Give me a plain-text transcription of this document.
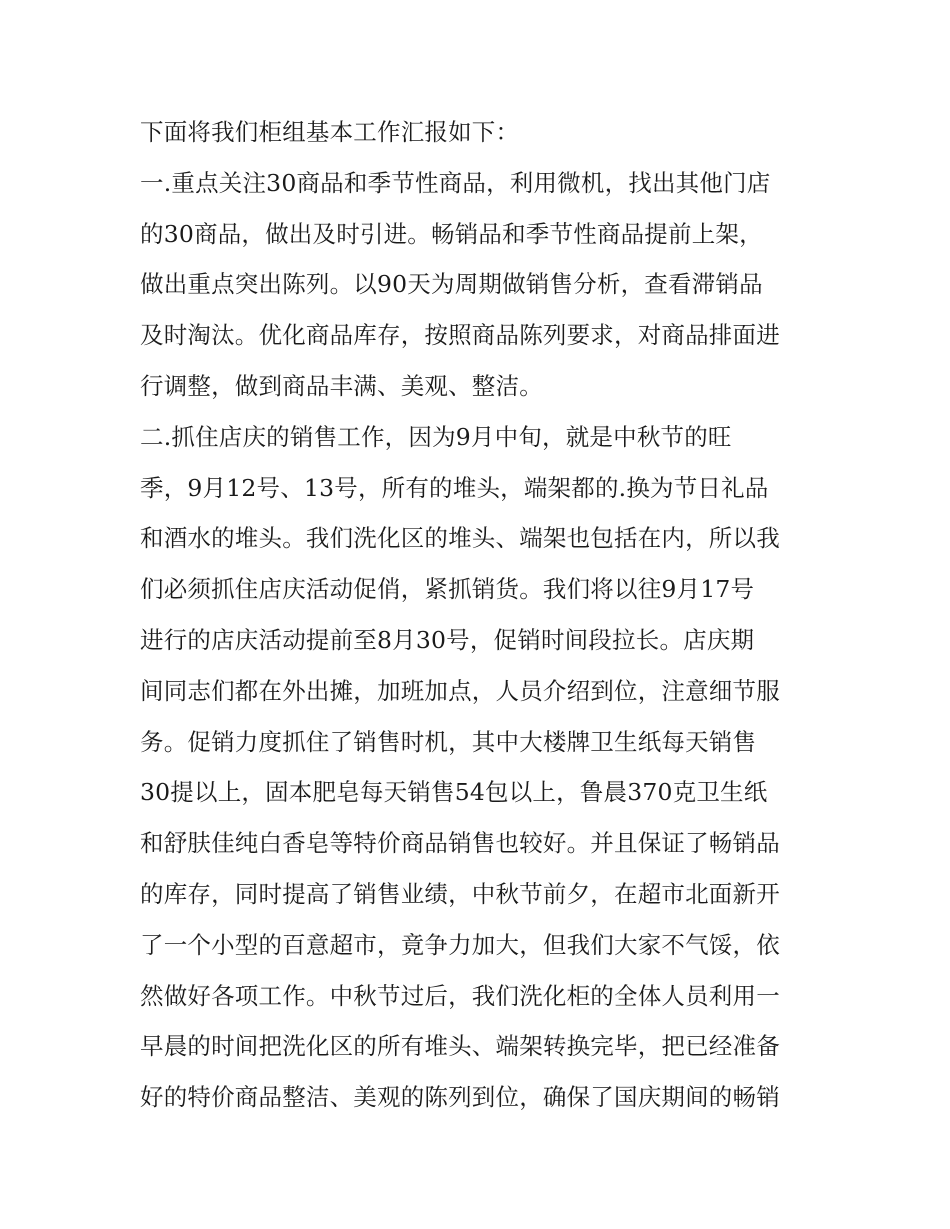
下面将我们柜组基本工作汇报如下：
一.重点关注30商品和季节性商品，利用微机，找出其他门店
的30商品，做出及时引进。畅销品和季节性商品提前上架，
做出重点突出陈列。以90天为周期做销售分析，查看滞销品
及时淘汰。优化商品库存，按照商品陈列要求，对商品排面进
行调整，做到商品丰满、美观、整洁。
二.抓住店庆的销售工作，因为9月中旬，就是中秋节的旺
季，9月12号、13号，所有的堆头，端架都的.换为节日礼品
和酒水的堆头。我们洗化区的堆头、端架也包括在内，所以我
们必须抓住店庆活动促俏，紧抓销货。我们将以往9月17号
进行的店庆活动提前至8月30号，促销时间段拉长。店庆期
间同志们都在外出摊，加班加点，人员介绍到位，注意细节服
务。促销力度抓住了销售时机，其中大楼牌卫生纸每天销售
30提以上，固本肥皂每天销售54包以上，鲁晨370克卫生纸
和舒肤佳纯白香皂等特价商品销售也较好。并且保证了畅销品
的库存，同时提高了销售业绩，中秋节前夕，在超市北面新开
了一个小型的百意超市，竟争力加大，但我们大家不气馁，依
然做好各项工作。中秋节过后，我们洗化柜的全体人员利用一
早晨的时间把洗化区的所有堆头、端架转换完毕，把已经准备
好的特价商品整洁、美观的陈列到位，确保了国庆期间的畅销
